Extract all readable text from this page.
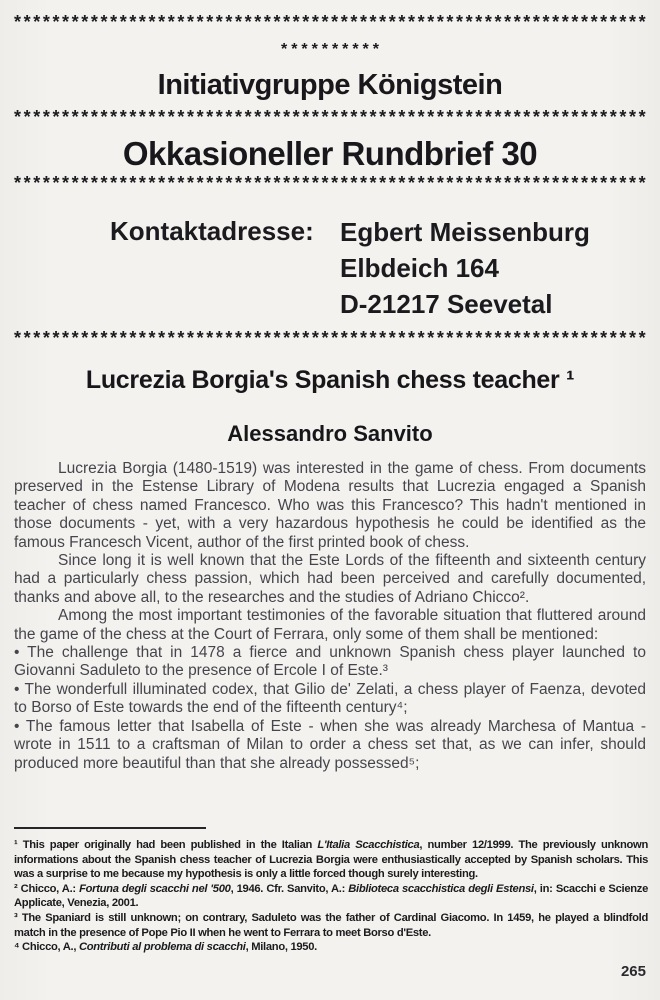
* * * * * * * * * * * * * * * * * * * * * * * * * * * * * * * * * * * * * * * * * * * * * * * * * * * * * * * * * * * * * * * * * *
* * * * * * * * * *
Initiativgruppe Königstein
* * * * * * * * * * * * * * * * * * * * * * * * * * * * * * * * * * * * * * * * * * * * * * * * * * * * * * * * * * * * * * * * * *
Okkasioneller Rundbrief 30
* * * * * * * * * * * * * * * * * * * * * * * * * * * * * * * * * * * * * * * * * * * * * * * * * * * * * * * * * * * * * * * * * *
Kontaktadresse: Egbert Meissenburg
Elbdeich 164
D-21217 Seevetal
* * * * * * * * * * * * * * * * * * * * * * * * * * * * * * * * * * * * * * * * * * * * * * * * * * * * * * * * * * * * * * * * * *
Lucrezia Borgia's Spanish chess teacher ¹
Alessandro Sanvito

Lucrezia Borgia (1480-1519) was interested in the game of chess. From documents preserved in the Estense Library of Modena results that Lucrezia engaged a Spanish teacher of chess named Francesco. Who was this Francesco? This hadn't mentioned in those documents - yet, with a very hazardous hypothesis he could be identified as the famous Francesch Vicent, author of the first printed book of chess.

Since long it is well known that the Este Lords of the fifteenth and sixteenth century had a particularly chess passion, which had been perceived and carefully documented, thanks and above all, to the researches and the studies of Adriano Chicco².

Among the most important testimonies of the favorable situation that fluttered around the game of the chess at the Court of Ferrara, only some of them shall be mentioned:

• The challenge that in 1478 a fierce and unknown Spanish chess player launched to Giovanni Saduleto to the presence of Ercole I of Este.³

• The wonderfull illuminated codex, that Gilio de' Zelati, a chess player of Faenza, devoted to Borso of Este towards the end of the fifteenth century⁴;

• The famous letter that Isabella of Este - when she was already Marchesa of Mantua - wrote in 1511 to a craftsman of Milan to order a chess set that, as we can infer, should produced more beautiful than that she already possessed⁵;

¹ This paper originally had been published in the Italian L'Italia Scacchistica, number 12/1999. The previously unknown informations about the Spanish chess teacher of Lucrezia Borgia were enthusiastically accepted by Spanish scholars. This was a surprise to me because my hypothesis is only a little forced though surely interesting.

² Chicco, A.: Fortuna degli scacchi nel '500, 1946. Cfr. Sanvito, A.: Biblioteca scacchistica degli Estensi, in: Scacchi e Scienze Applicate, Venezia, 2001.

³ The Spaniard is still unknown; on contrary, Saduleto was the father of Cardinal Giacomo. In 1459, he played a blindfold match in the presence of Pope Pio II when he went to Ferrara to meet Borso d'Este.

⁴ Chicco, A., Contributi al problema di scacchi, Milano, 1950.

265
